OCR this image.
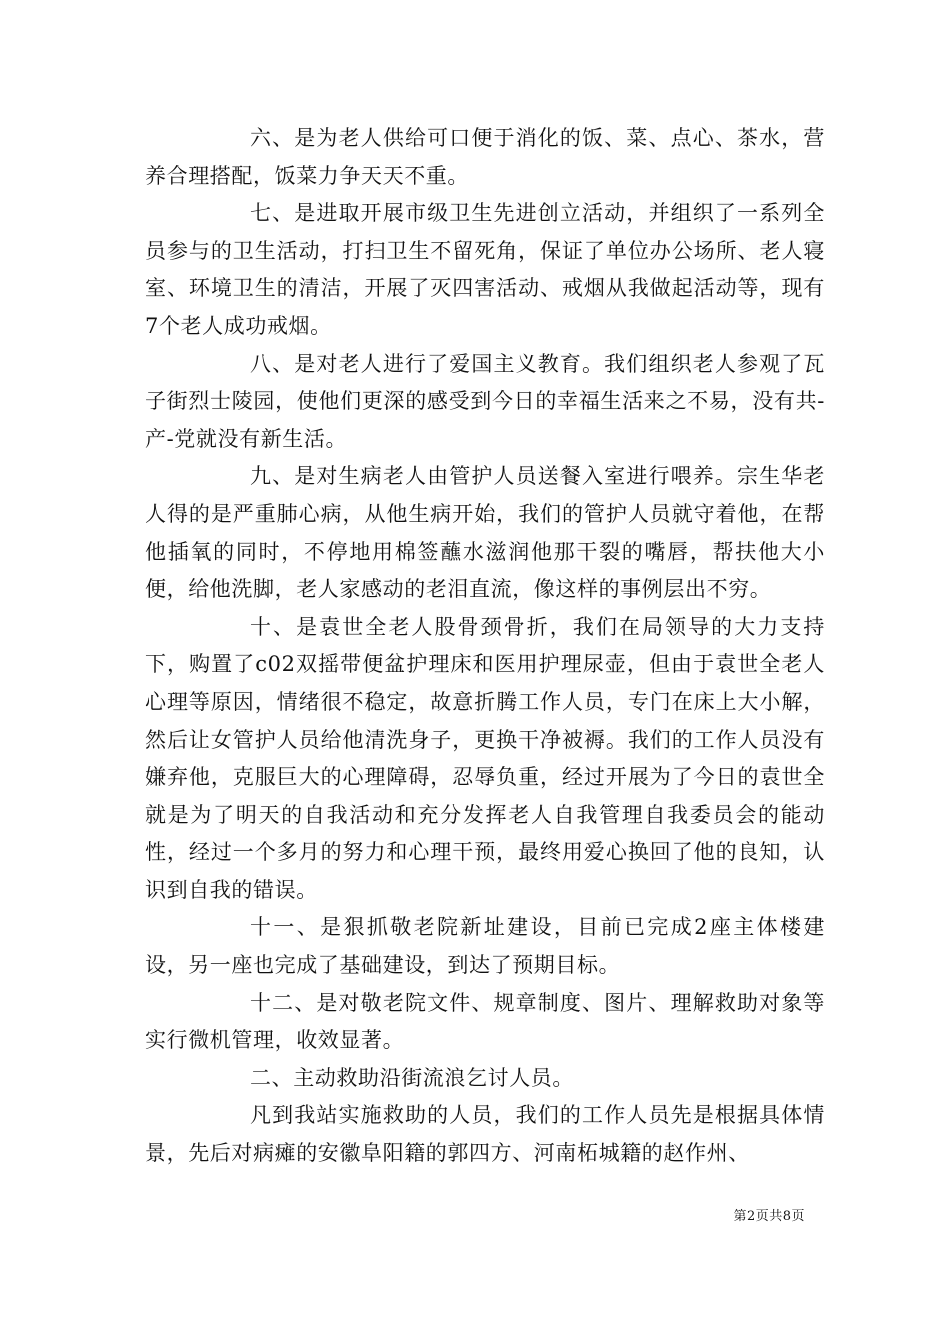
六、是为老人供给可口便于消化的饭、菜、点心、茶水，营养合理搭配，饭菜力争天天不重。

七、是进取开展市级卫生先进创立活动，并组织了一系列全员参与的卫生活动，打扫卫生不留死角，保证了单位办公场所、老人寝室、环境卫生的清洁，开展了灭四害活动、戒烟从我做起活动等，现有7个老人成功戒烟。

八、是对老人进行了爱国主义教育。我们组织老人参观了瓦子街烈士陵园，使他们更深的感受到今日的幸福生活来之不易，没有共-产-党就没有新生活。

九、是对生病老人由管护人员送餐入室进行喂养。宗生华老人得的是严重肺心病，从他生病开始，我们的管护人员就守着他，在帮他插氧的同时，不停地用棉签蘸水滋润他那干裂的嘴唇，帮扶他大小便，给他洗脚，老人家感动的老泪直流，像这样的事例层出不穷。

十、是袁世全老人股骨颈骨折，我们在局领导的大力支持下，购置了c02双摇带便盆护理床和医用护理尿壶，但由于袁世全老人心理等原因，情绪很不稳定，故意折腾工作人员，专门在床上大小解，然后让女管护人员给他清洗身子，更换干净被褥。我们的工作人员没有嫌弃他，克服巨大的心理障碍，忍辱负重，经过开展为了今日的袁世全就是为了明天的自我活动和充分发挥老人自我管理自我委员会的能动性，经过一个多月的努力和心理干预，最终用爱心换回了他的良知，认识到自我的错误。

十一、是狠抓敬老院新址建设，目前已完成2座主体楼建设，另一座也完成了基础建设，到达了预期目标。

十二、是对敬老院文件、规章制度、图片、理解救助对象等实行微机管理，收效显著。

二、主动救助沿街流浪乞讨人员。

凡到我站实施救助的人员，我们的工作人员先是根据具体情景，先后对病瘫的安徽阜阳籍的郭四方、河南柘城籍的赵作州、

第2页共8页
